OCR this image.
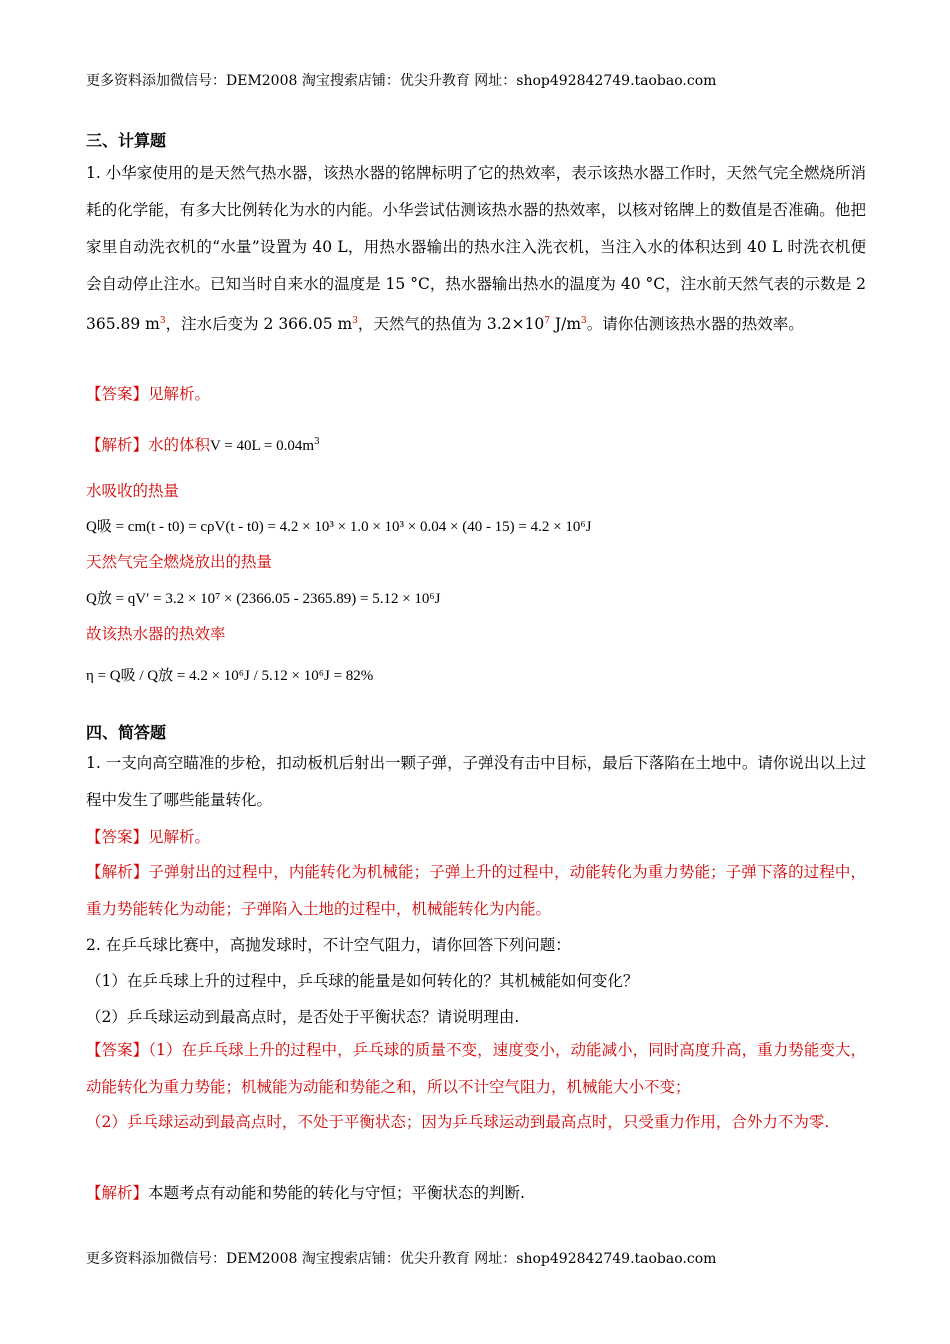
更多资料添加微信号：DEM2008 淘宝搜索店铺：优尖升教育 网址：shop492842749.taobao.com
三、计算题
1. 小华家使用的是天然气热水器，该热水器的铭牌标明了它的热效率，表示该热水器工作时，天然气完全燃烧所消耗的化学能，有多大比例转化为水的内能。小华尝试估测该热水器的热效率，以核对铭牌上的数值是否准确。他把家里自动洗衣机的“水量”设置为 40 L，用热水器输出的热水注入洗衣机，当注入水的体积达到 40 L 时洗衣机便会自动停止注水。已知当时自来水的温度是 15 °C，热水器输出热水的温度为 40 °C，注水前天然气表的示数是 2 365.89 $m^3$，注水后变为 2 366.05 $m^3$，天然气的热值为 $3.2\times 10^7$ $J/m^3$。请你估测该热水器的热效率。
【答案】见解析。
【解析】水的体积$V = 40L = 0.04m^3$
水吸收的热量
Q吸 = cm(t - t0) = cρV(t - t0) = 4.2 × 10³ × 1.0 × 10³ × 0.04 × (40 - 15) = 4.2 × 10⁶J
天然气完全燃烧放出的热量
Q放 = qV′ = 3.2 × 10⁷ × (2366.05 - 2365.89) = 5.12 × 10⁶J
故该热水器的热效率
η = Q吸 / Q放 = 4.2 × 10⁶J / 5.12 × 10⁶J = 82%
四、简答题
1. 一支向高空瞄准的步枪，扣动板机后射出一颗子弹，子弹没有击中目标，最后下落陷在土地中。请你说出以上过程中发生了哪些能量转化。
【答案】见解析。
【解析】子弹射出的过程中，内能转化为机械能；子弹上升的过程中，动能转化为重力势能；子弹下落的过程中，重力势能转化为动能；子弹陷入土地的过程中，机械能转化为内能。
2. 在乒乓球比赛中，高抛发球时，不计空气阻力，请你回答下列问题：
（1）在乒乓球上升的过程中，乒乓球的能量是如何转化的？其机械能如何变化？
（2）乒乓球运动到最高点时，是否处于平衡状态？请说明理由.
【答案】（1）在乒乓球上升的过程中，乒乓球的质量不变，速度变小，动能减小，同时高度升高，重力势能变大，动能转化为重力势能；机械能为动能和势能之和，所以不计空气阻力，机械能大小不变；
（2）乒乓球运动到最高点时，不处于平衡状态；因为乒乓球运动到最高点时，只受重力作用，合外力不为零.
【解析】本题考点有动能和势能的转化与守恒；平衡状态的判断.
更多资料添加微信号：DEM2008 淘宝搜索店铺：优尖升教育 网址：shop492842749.taobao.com
